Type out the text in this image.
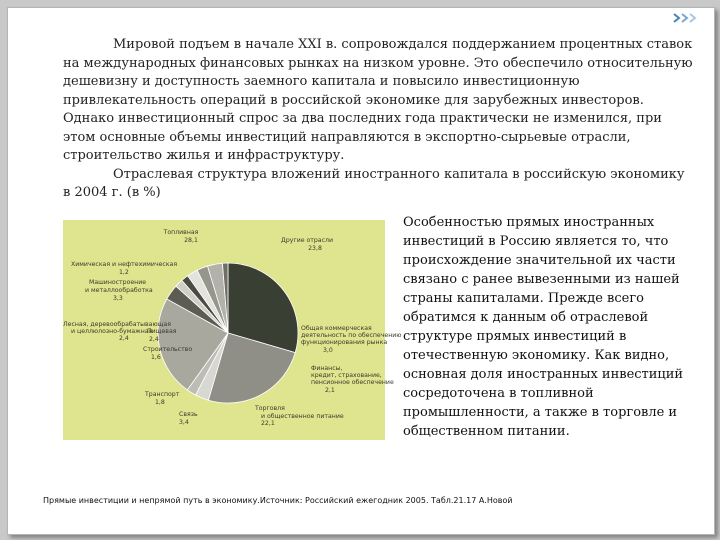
Мировой подъем в начале XXI в. сопровождался поддержанием процентных ставок на международных финансовых рынках на низком уровне. Это обеспечило относительную дешевизну и доступность заемного капитала и повысило инвестиционную привлекательность операций в российской экономике для зарубежных инвесторов. Однако инвестиционный спрос за два последних года практически не изменился, при этом основные объемы инвестиций направляются в экспортно-сырьевые отрасли, строительство жилья и инфраструктуру.
Отраслевая структура вложений иностранного капитала в российскую экономику в 2004 г. (в %)

Топливная
28,1	Другие отрасли
23,8
Общая коммерческая
деятельность по обеспечению
функционирования рынка
3,0
Финансы,
кредит, страхование,
пенсионное обеспечение
2,1
Торговля
и общественное питание
22,1
Связь
3,4
Транспорт
1,8
Строительство
1,6
Пищевая
2,4
Лесная, деревообрабатывающая
и целлюлозно-бумажная
2,4
Машиностроение
и металлообработка
3,3
Химическая и нефтехимическая
1,2

Особенностью прямых иностранных инвестиций в Россию является то, что происхождение значительной их части связано с ранее вывезенными из нашей страны капиталами. Прежде всего обратимся к данным об отраслевой структуре прямых инвестиций в отечественную экономику. Как видно, основная доля иностранных инвестиций сосредоточена в топливной промышленности, а также в торговле и общественном питании.

Прямые инвестиции и непрямой путь в экономику.Источник: Российский ежегодник 2005. Табл.21.17 А.Новой
